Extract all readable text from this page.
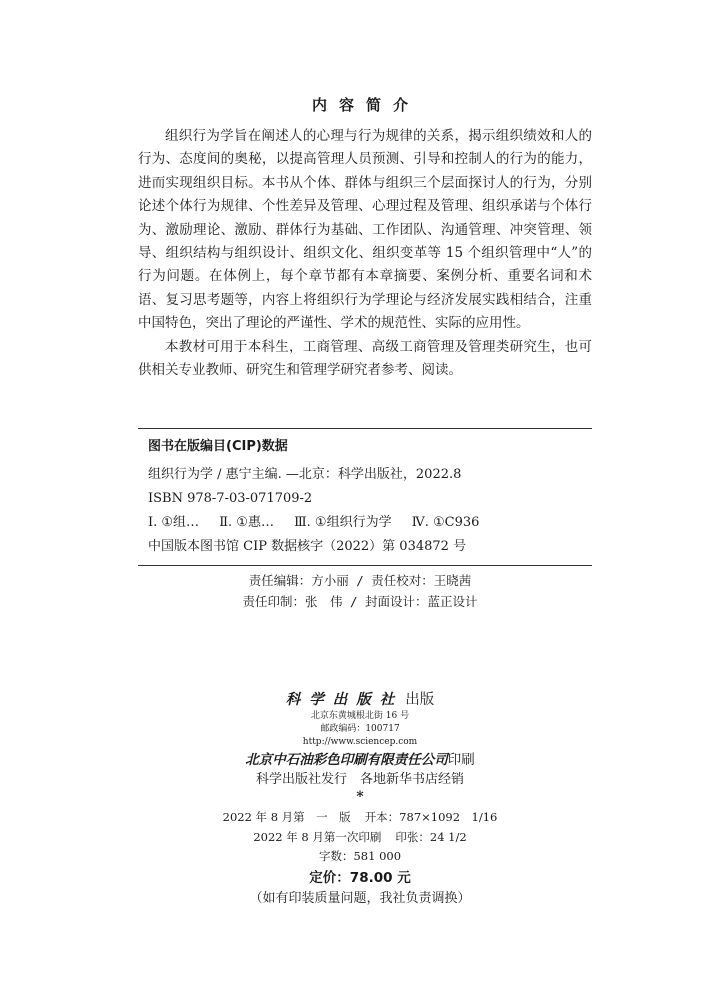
内容简介

组织行为学旨在阐述人的心理与行为规律的关系，揭示组织绩效和人的行为、态度间的奥秘，以提高管理人员预测、引导和控制人的行为的能力，进而实现组织目标。本书从个体、群体与组织三个层面探讨人的行为，分别论述个体行为规律、个性差异及管理、心理过程及管理、组织承诺与个体行为、激励理论、激励、群体行为基础、工作团队、沟通管理、冲突管理、领导、组织结构与组织设计、组织文化、组织变革等 15 个组织管理中“人”的行为问题。在体例上，每个章节都有本章摘要、案例分析、重要名词和术语、复习思考题等，内容上将组织行为学理论与经济发展实践相结合，注重中国特色，突出了理论的严谨性、学术的规范性、实际的应用性。

本教材可用于本科生，工商管理、高级工商管理及管理类研究生，也可供相关专业教师、研究生和管理学研究者参考、阅读。

图书在版编目(CIP)数据
组织行为学 / 惠宁主编. —北京：科学出版社，2022.8
ISBN 978-7-03-071709-2
Ⅰ. ①组… Ⅱ. ①惠… Ⅲ. ①组织行为学 Ⅳ. ①C936
中国版本图书馆 CIP 数据核字（2022）第 034872 号
责任编辑：方小丽 / 责任校对：王晓茜
责任印制：张　伟 / 封面设计：蓝正设计
科学出版社 出版
北京东黄城根北街 16 号
邮政编码：100717
http://www.sciencep.com
北京中石油彩色印刷有限责任公司印刷
科学出版社发行　各地新华书店经销
*
2022 年 8 月第　一　版 开本：787×1092　1/16
2022 年 8 月第一次印刷 印张：24 1/2
字数：581 000
定价：78.00 元
（如有印装质量问题，我社负责调换）
